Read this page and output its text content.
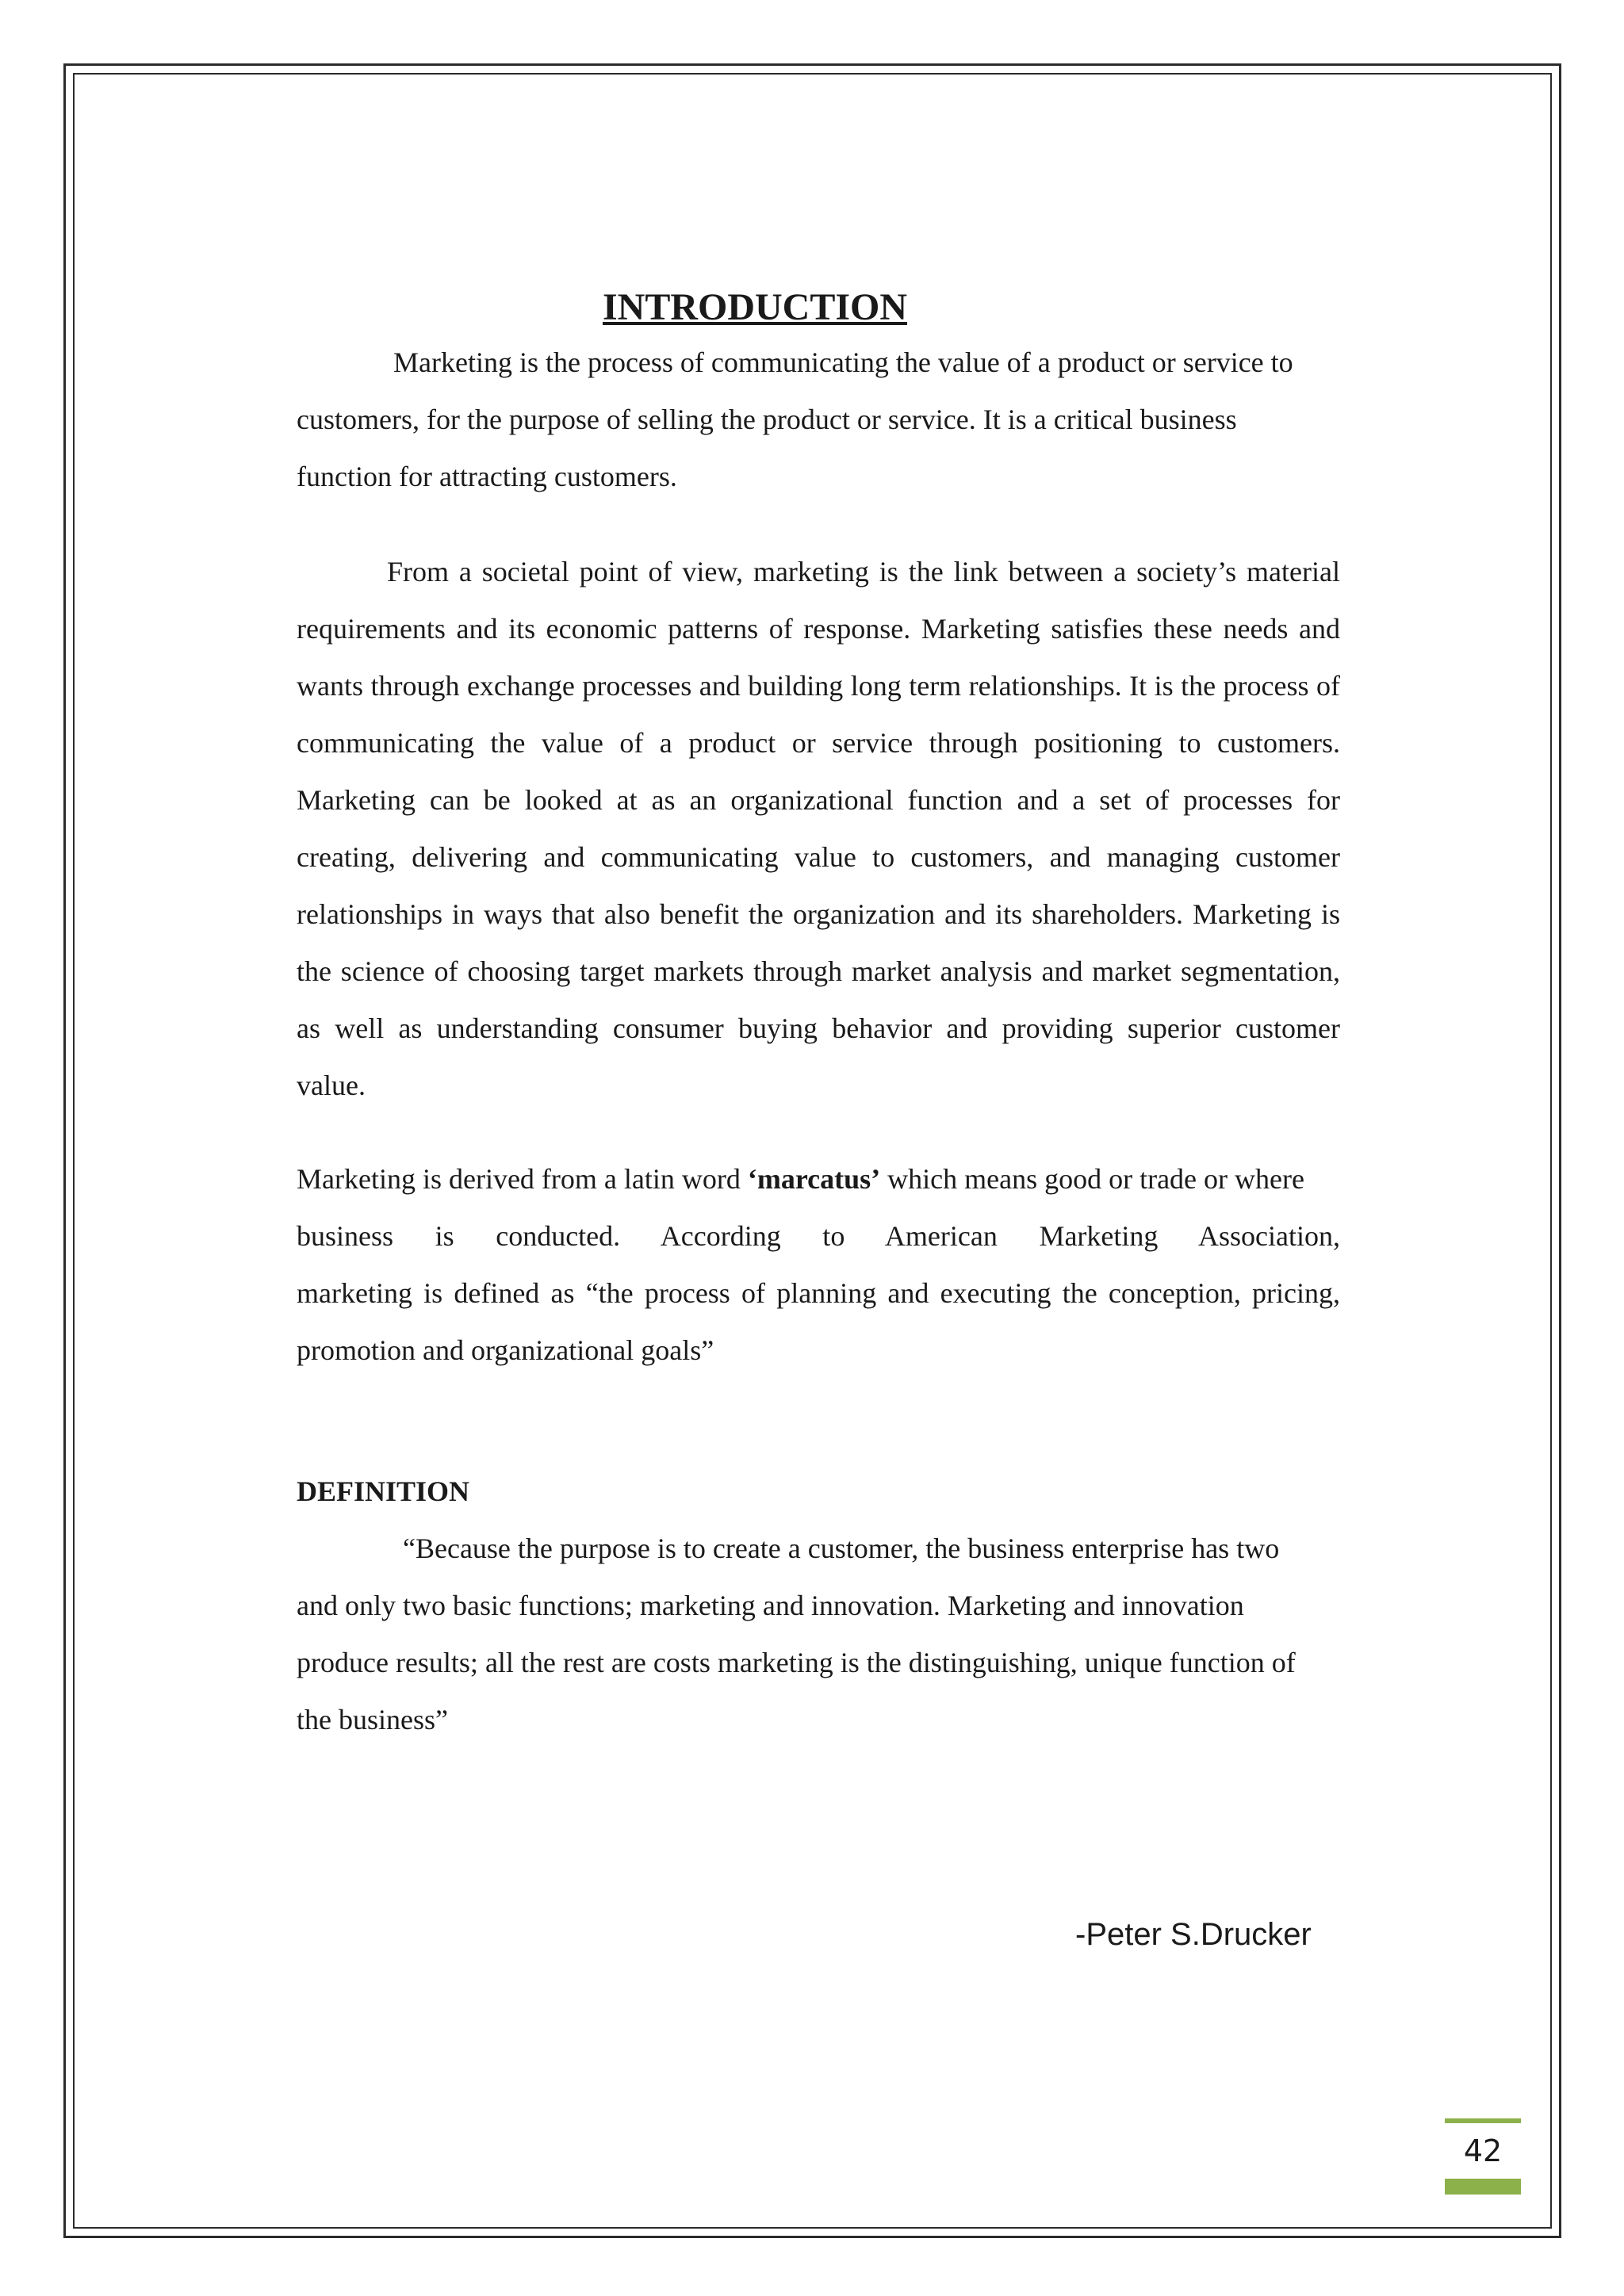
INTRODUCTION

Marketing is the process of communicating the value of a product or service to customers, for the purpose of selling the product or service. It is a critical business function for attracting customers.

From a societal point of view, marketing is the link between a society’s material requirements and its economic patterns of response. Marketing satisfies these needs and wants through exchange processes and building long term relationships. It is the process of communicating the value of a product or service through positioning to customers. Marketing can be looked at as an organizational function and a set of processes for creating, delivering and communicating value to customers, and managing customer relationships in ways that also benefit the organization and its shareholders. Marketing is the science of choosing target markets through market analysis and market segmentation, as well as understanding consumer buying behavior and providing superior customer value.

Marketing is derived from a latin word ‘marcatus’ which means good or trade or where

business is conducted. According to American Marketing Association,

marketing is defined as “the process of planning and executing the conception, pricing, promotion and organizational goals”

DEFINITION

“Because the purpose is to create a customer, the business enterprise has two and only two basic functions; marketing and innovation. Marketing and innovation produce results; all the rest are costs marketing is the distinguishing, unique function of the business”

-Peter S.Drucker
42
